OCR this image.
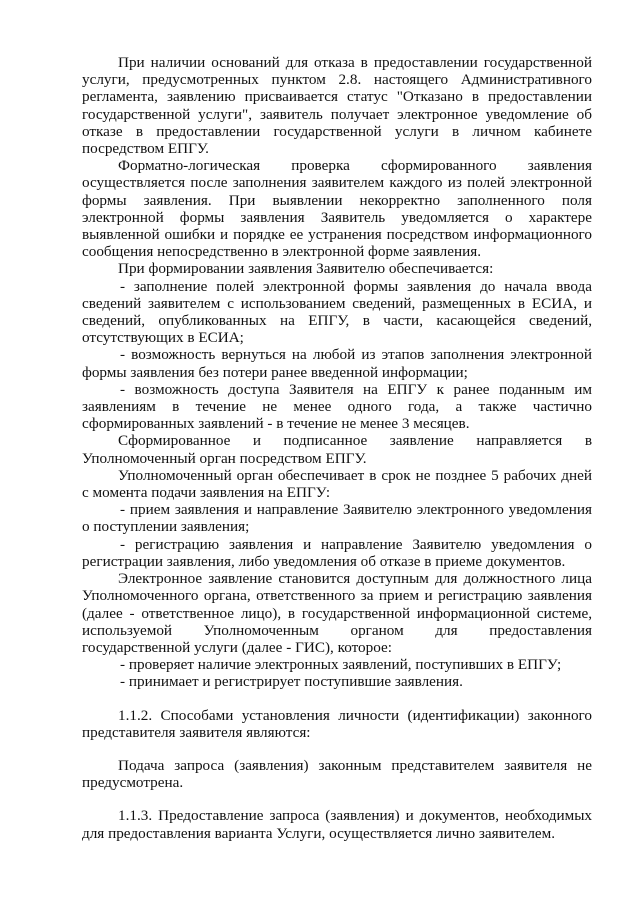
При наличии оснований для отказа в предоставлении государственной услуги, предусмотренных пунктом 2.8. настоящего Административного регламента, заявлению присваивается статус "Отказано в предоставлении государственной услуги", заявитель получает электронное уведомление об отказе в предоставлении государственной услуги в личном кабинете посредством ЕПГУ.

Форматно-логическая проверка сформированного заявления осуществляется после заполнения заявителем каждого из полей электронной формы заявления. При выявлении некорректно заполненного поля электронной формы заявления Заявитель уведомляется о характере выявленной ошибки и порядке ее устранения посредством информационного сообщения непосредственно в электронной форме заявления.

При формировании заявления Заявителю обеспечивается:

- заполнение полей электронной формы заявления до начала ввода сведений заявителем с использованием сведений, размещенных в ЕСИА, и сведений, опубликованных на ЕПГУ, в части, касающейся сведений, отсутствующих в ЕСИА;

- возможность вернуться на любой из этапов заполнения электронной формы заявления без потери ранее введенной информации;

- возможность доступа Заявителя на ЕПГУ к ранее поданным им заявлениям в течение не менее одного года, а также частично сформированных заявлений - в течение не менее 3 месяцев.

Сформированное и подписанное заявление направляется в Уполномоченный орган посредством ЕПГУ.

Уполномоченный орган обеспечивает в срок не позднее 5 рабочих дней с момента подачи заявления на ЕПГУ:

- прием заявления и направление Заявителю электронного уведомления о поступлении заявления;

- регистрацию заявления и направление Заявителю уведомления о регистрации заявления, либо уведомления об отказе в приеме документов.

Электронное заявление становится доступным для должностного лица Уполномоченного органа, ответственного за прием и регистрацию заявления (далее - ответственное лицо), в государственной информационной системе, используемой Уполномоченным органом для предоставления государственной услуги (далее - ГИС), которое:

- проверяет наличие электронных заявлений, поступивших в ЕПГУ;

- принимает и регистрирует поступившие заявления.

1.1.2. Способами установления личности (идентификации) законного представителя заявителя являются:

Подача запроса (заявления) законным представителем заявителя не предусмотрена.

1.1.3. Предоставление запроса (заявления) и документов, необходимых для предоставления варианта Услуги, осуществляется лично заявителем.
